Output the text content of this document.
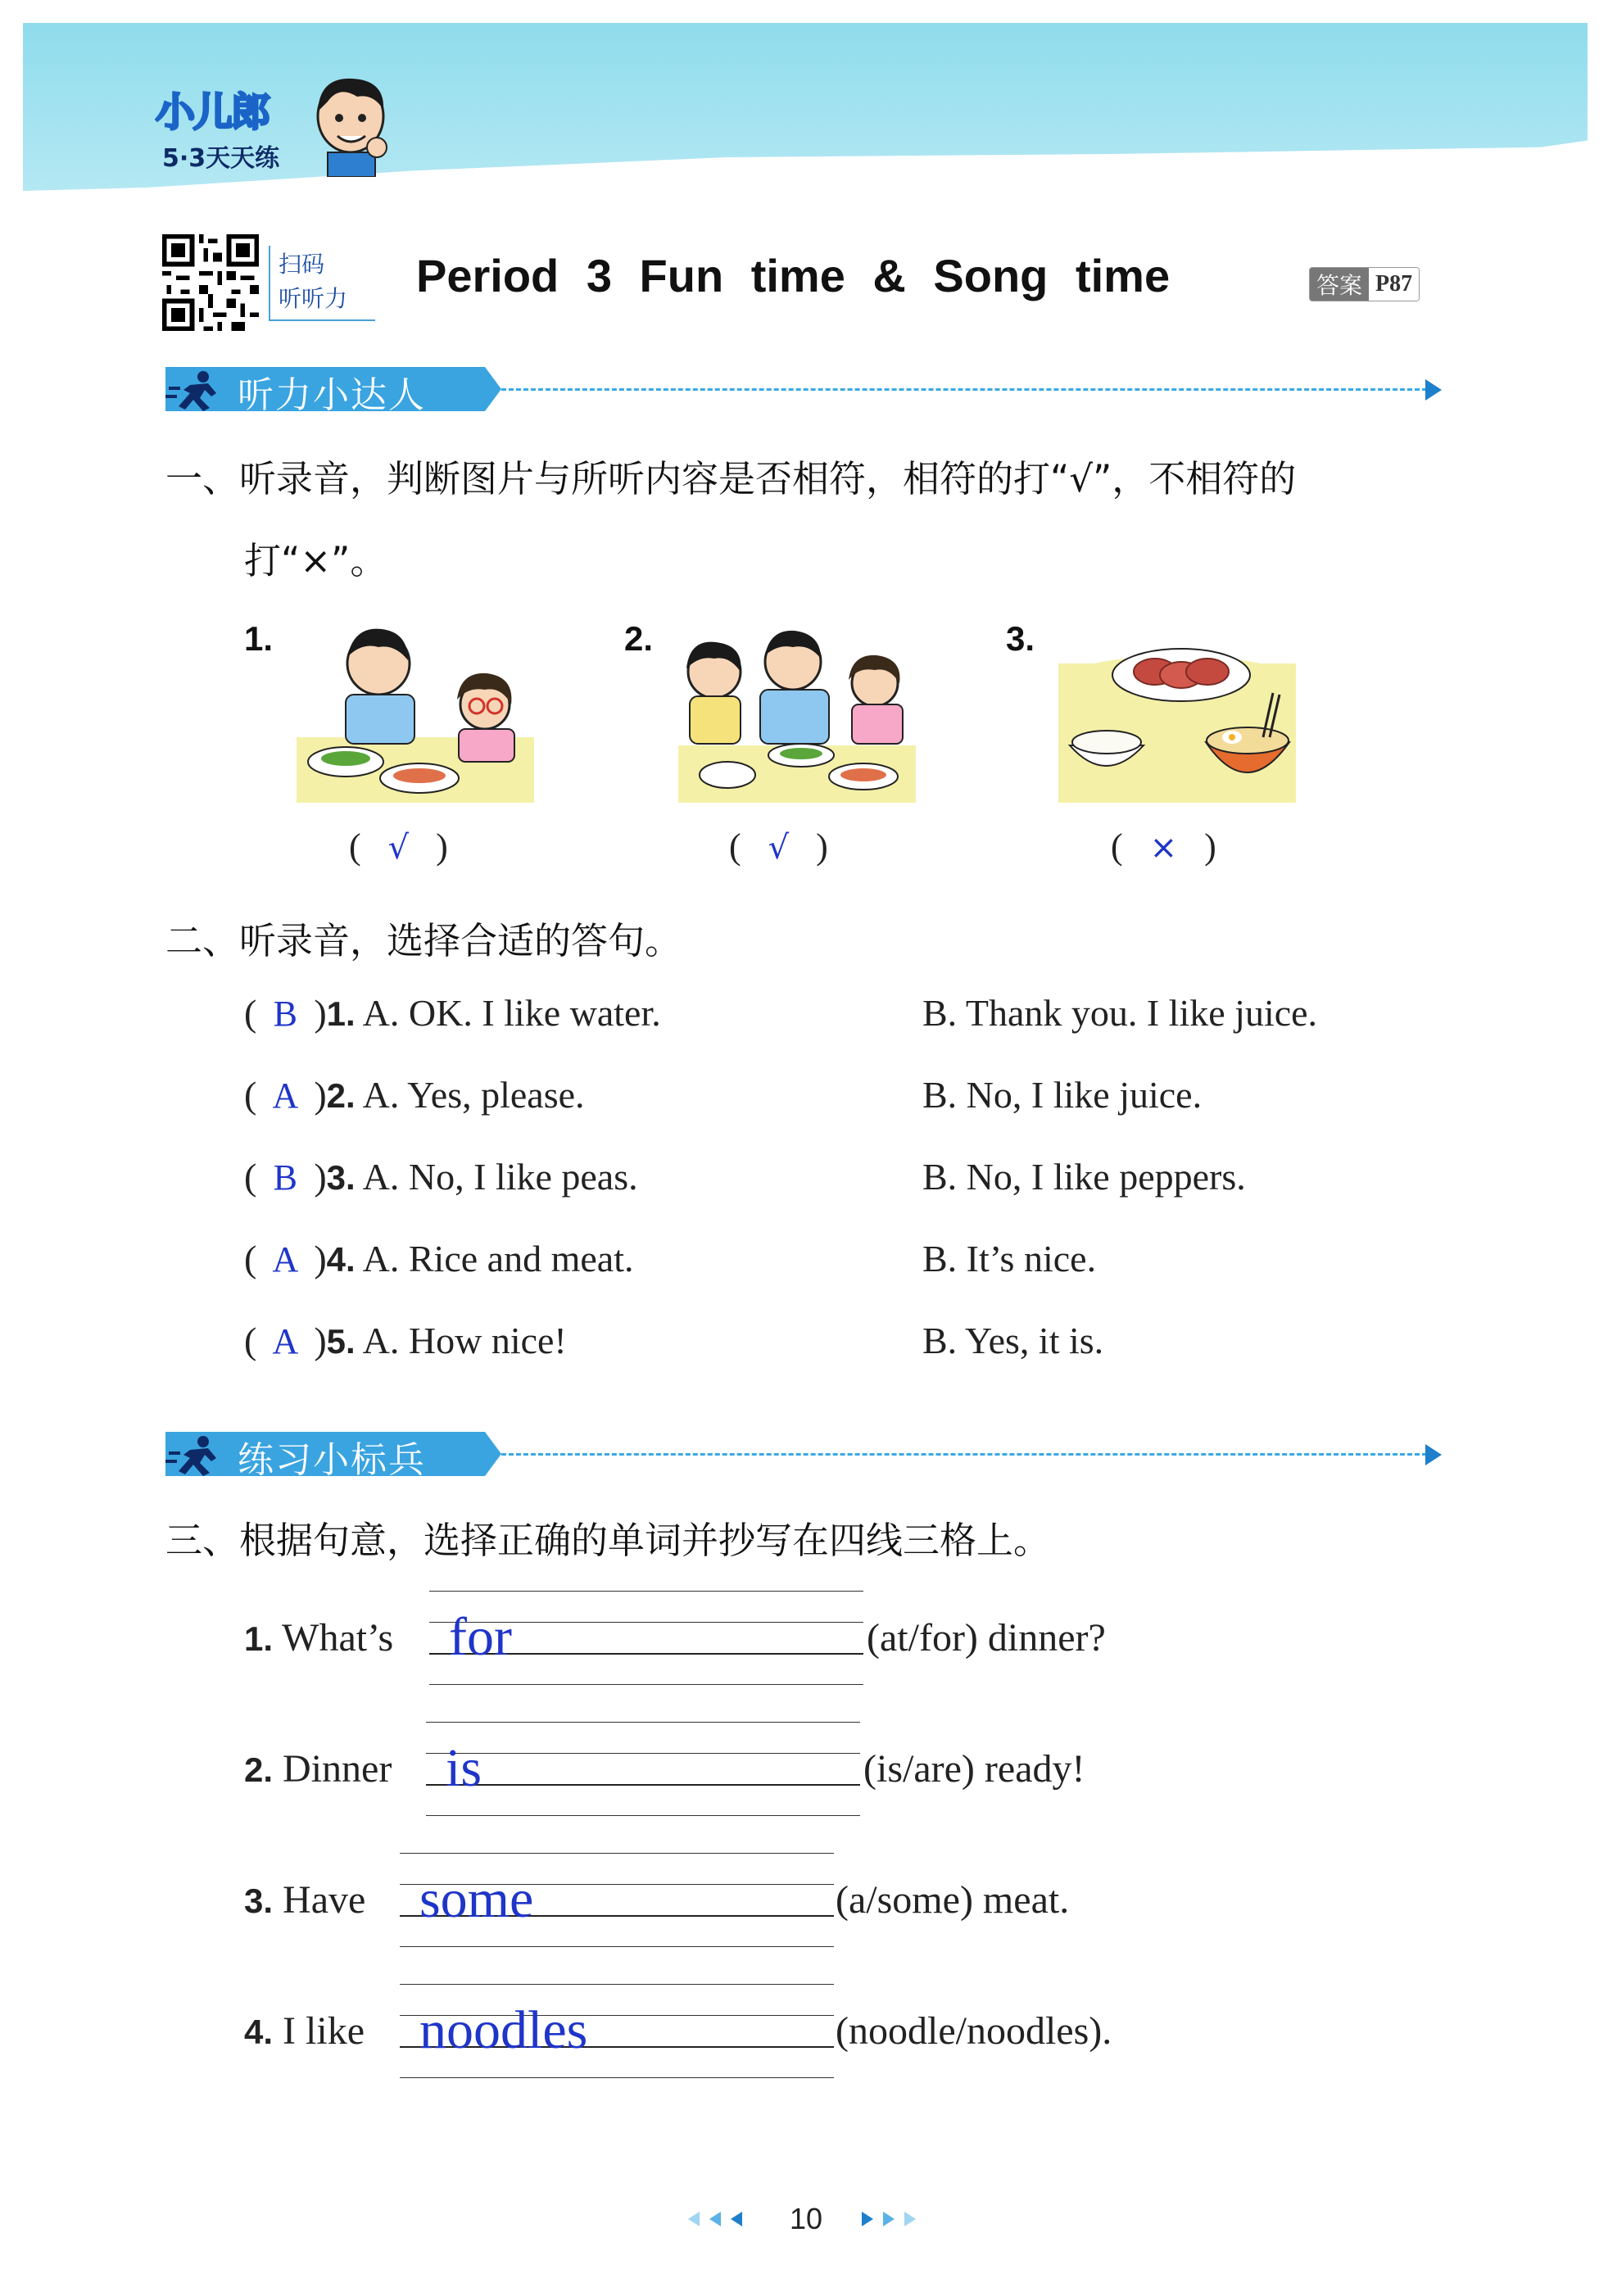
小儿郎
5·3天天练
扫码
听听力 Period 3 Fun time & Song time	答案 P87
听力小达人
一、听录音，判断图片与所听内容是否相符，相符的打“√”，不相符的
打“×”。
1.
(   √   )
2.
(   √   )
3.
(   ×   )
二、听录音，选择合适的答句。
( B )1. A. OK. I like water.	B. Thank you. I like juice.
( A )2. A. Yes, please.	B. No, I like juice.
( B )3. A. No, I like peas.	B. No, I like peppers.
( A )4. A. Rice and meat.	B. It’s nice.
( A )5. A. How nice!	B. Yes, it is.
练习小标兵
三、根据句意，选择正确的单词并抄写在四线三格上。
1. What’s for	(at/for) dinner?
2. Dinner is	(is/are) ready!
3. Have some	(a/some) meat.
4. I like noodles	(noodle/noodles).
10
